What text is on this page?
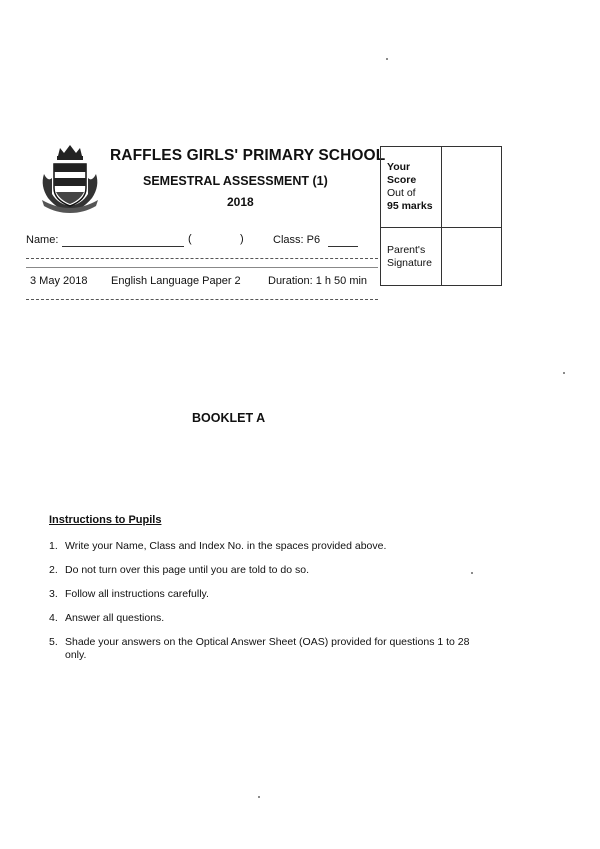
RAFFLES GIRLS' PRIMARY SCHOOL
SEMESTRAL ASSESSMENT (1)
2018
Name:	(	)	Class: P6
3 May 2018 English Language Paper 2 Duration: 1 h 50 min
Your
Score
Out of
95 marks
Parent's
Signature
BOOKLET A
Instructions to Pupils
1. Write your Name, Class and Index No. in the spaces provided above.
2. Do not turn over this page until you are told to do so.
3. Follow all instructions carefully.
4. Answer all questions.
5. Shade your answers on the Optical Answer Sheet (OAS) provided for questions 1 to 28 only.
